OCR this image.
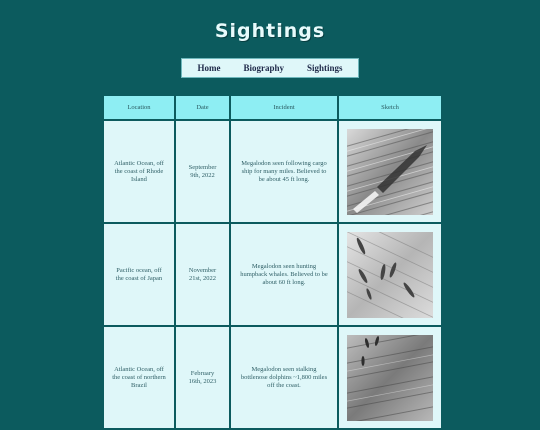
Sightings
Home	Biography	Sightings
Location	Date	Incident	Sketch
Atlantic Ocean, off the coast of Rhode Island	September 9th, 2022	Megalodon seen following cargo ship for many miles. Believed to be about 45 ft long.	

Pacific ocean, off the coast of Japan	November 21st, 2022	Megalodon seen hunting humpback whales. Believed to be about 60 ft long.	

Atlantic Ocean, off the coast of northern Brazil	February 16th, 2023	Megalodon seen stalking bottlenose dolphins ~1,800 miles off the coast.	
